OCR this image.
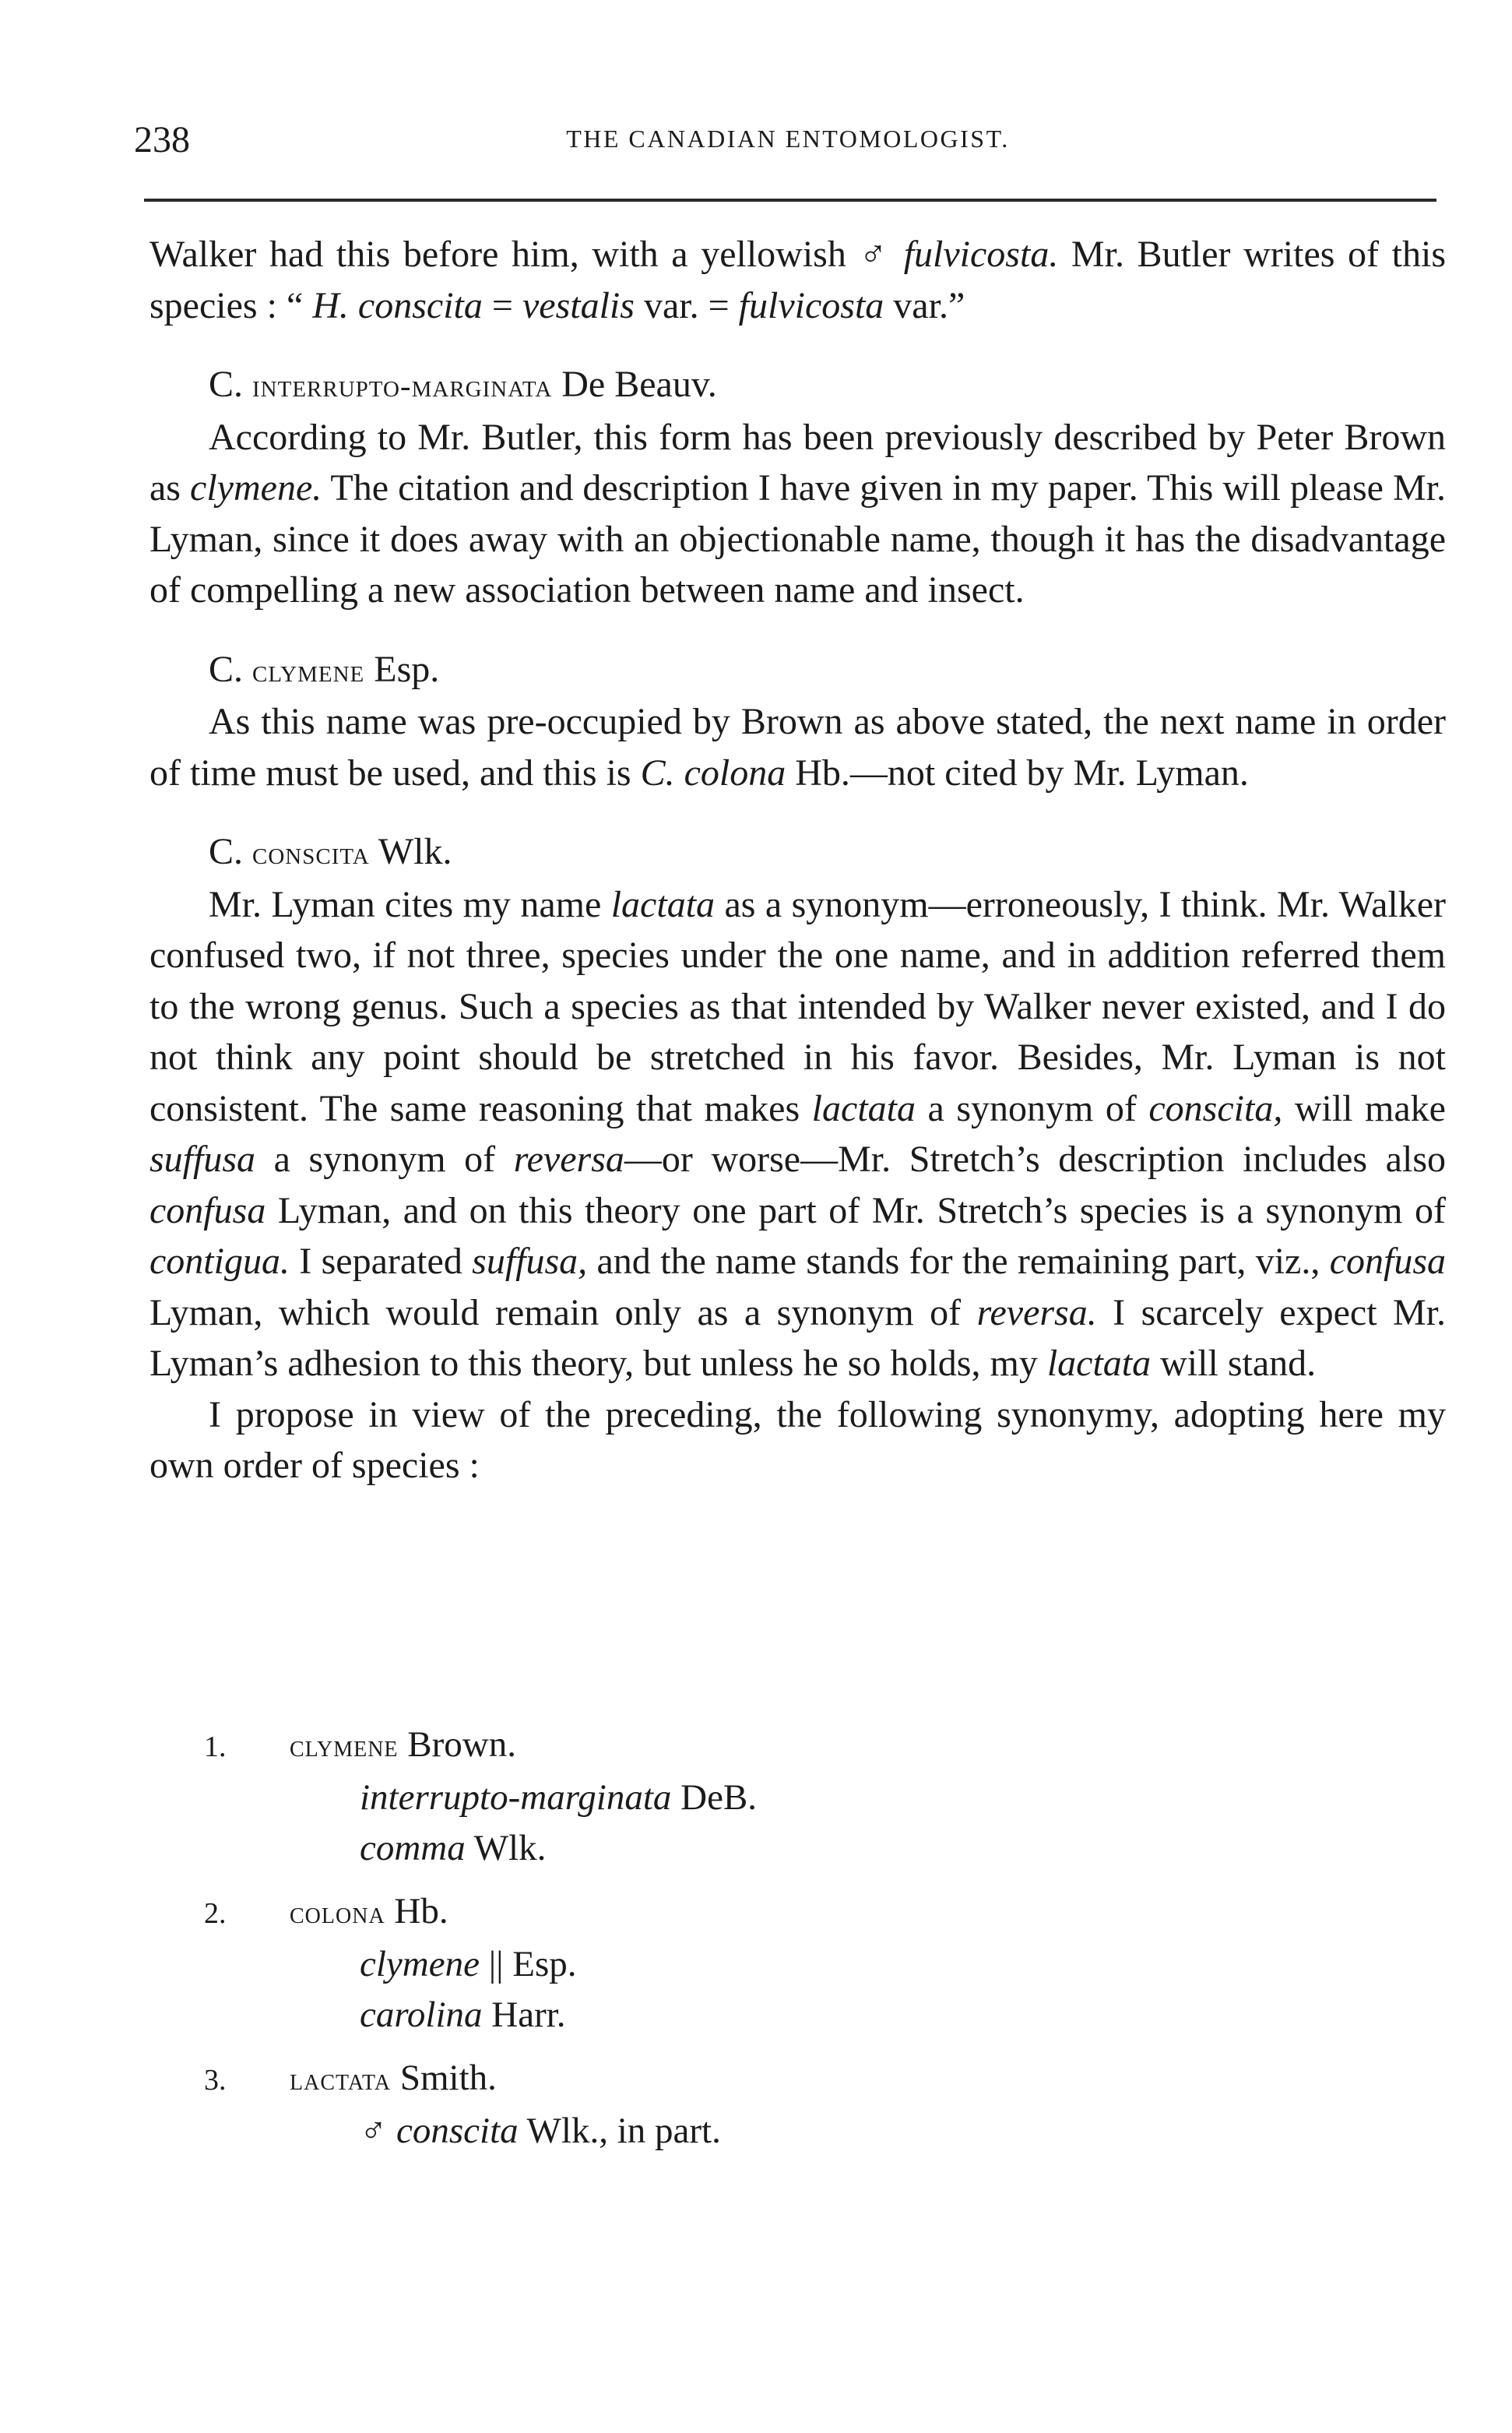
238	THE CANADIAN ENTOMOLOGIST.

Walker had this before him, with a yellowish ♂ fulvicosta. Mr. Butler writes of this species : “ H. conscita = vestalis var. = fulvicosta var.”

C. interrupto-marginata De Beauv.

According to Mr. Butler, this form has been previously described by Peter Brown as clymene. The citation and description I have given in my paper. This will please Mr. Lyman, since it does away with an objectionable name, though it has the disadvantage of compelling a new association between name and insect.

C. clymene Esp.

As this name was pre-occupied by Brown as above stated, the next name in order of time must be used, and this is C. colona Hb.—not cited by Mr. Lyman.

C. conscita Wlk.

Mr. Lyman cites my name lactata as a synonym—erroneously, I think. Mr. Walker confused two, if not three, species under the one name, and in addition referred them to the wrong genus. Such a species as that intended by Walker never existed, and I do not think any point should be stretched in his favor. Besides, Mr. Lyman is not consistent. The same reasoning that makes lactata a synonym of conscita, will make suffusa a synonym of reversa—or worse—Mr. Stretch’s description includes also confusa Lyman, and on this theory one part of Mr. Stretch’s species is a synonym of contigua. I separated suffusa, and the name stands for the remaining part, viz., confusa Lyman, which would remain only as a synonym of reversa. I scarcely expect Mr. Lyman’s adhesion to this theory, but unless he so holds, my lactata will stand.

I propose in view of the preceding, the following synonymy, adopting here my own order of species :

1.	clymene Brown.
interrupto-marginata DeB.
comma Wlk.
2.	colona Hb.
clymene || Esp.
carolina Harr.
3.	lactata Smith.
♂ conscita Wlk., in part.
